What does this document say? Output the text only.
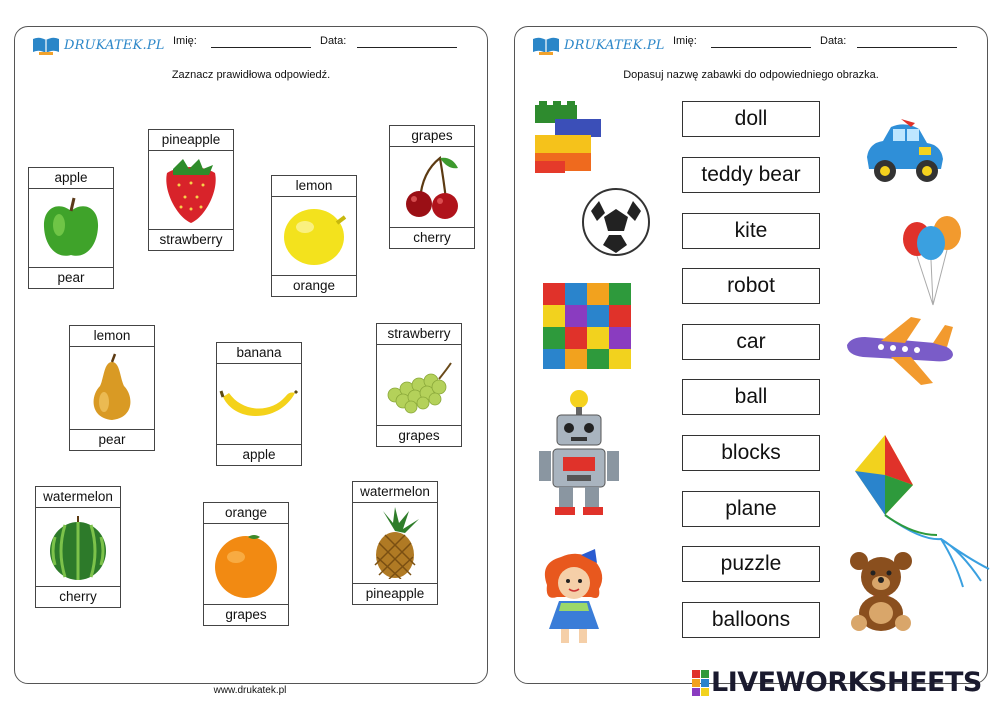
DRUKATEK.PL Imię:	Data:
Zaznacz prawidłowa odpowiedź.
apple
pear
pineapple
strawberry
lemon
orange
grapes
cherry
lemon
pear
banana
apple
strawberry
grapes
watermelon
cherry
orange
grapes
watermelon
pineapple
DRUKATEK.PL Imię:	Data:
Dopasuj nazwę zabawki do odpowiedniego obrazka.
doll
teddy bear
kite
robot
car
ball
blocks
plane
puzzle
balloons
www.drukatek.pl	LIVEWORKSHEETS
